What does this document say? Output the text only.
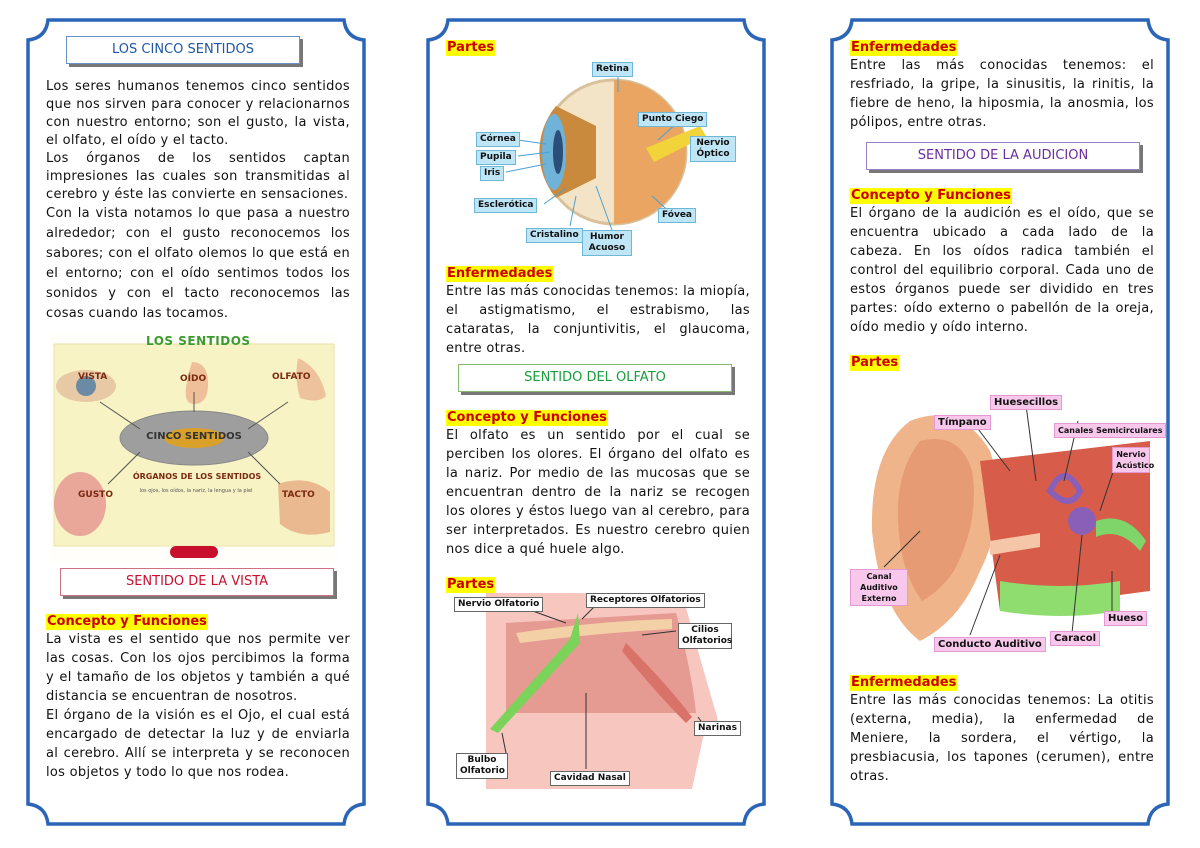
LOS CINCO SENTIDOS

Los seres humanos tenemos cinco sentidos que nos sirven para conocer y relacionarnos con nuestro entorno; son el gusto, la vista, el olfato, el oído y el tacto.

Los órganos de los sentidos captan impresiones las cuales son transmitidas al cerebro y éste las convierte en sensaciones.

Con la vista notamos lo que pasa a nuestro alrededor; con el gusto reconocemos los sabores; con el olfato olemos lo que está en el entorno; con el oído sentimos todos los sonidos y con el tacto reconocemos las cosas cuando las tocamos.

LOS SENTIDOS
VISTA	OÍDO	OLFATO
GUSTO	TACTO
CINCO SENTIDOS
ÓRGANOS DE LOS SENTIDOS
los ojos, los oídos, la nariz, la lengua y la piel
SENTIDO DE LA VISTA
Concepto y Funciones

La vista es el sentido que nos permite ver las cosas. Con los ojos percibimos la forma y el tamaño de los objetos y también a qué distancia se encuentran de nosotros.

El órgano de la visión es el Ojo, el cual está encargado de detectar la luz y de enviarla al cerebro. Allí se interpreta y se reconocen los objetos y todo lo que nos rodea.

Partes
Retina
Punto Ciego
Córnea
Pupila
Iris
Nervio Óptico
Esclerótica
Fóvea
Cristalino	Humor Acuoso
Enfermedades

Entre las más conocidas tenemos: la miopía, el astigmatismo, el estrabismo, las cataratas, la conjuntivitis, el glaucoma, entre otras.

SENTIDO DEL OLFATO
Concepto y Funciones

El olfato es un sentido por el cual se perciben los olores. El órgano del olfato es la nariz. Por medio de las mucosas que se encuentran dentro de la nariz se recogen los olores y éstos luego van al cerebro, para ser interpretados. Es nuestro cerebro quien nos dice a qué huele algo.

Partes
Nervio Olfatorio	Receptores Olfatorios
Cilios Olfatorios
Narinas
Bulbo Olfatorio
Cavidad Nasal
Enfermedades

Entre las más conocidas tenemos: el resfriado, la gripe, la sinusitis, la rinitis, la fiebre de heno, la hiposmia, la anosmia, los pólipos, entre otras.

SENTIDO DE LA AUDICION
Concepto y Funciones

El órgano de la audición es el oído, que se encuentra ubicado a cada lado de la cabeza. En los oídos radica también el control del equilibrio corporal. Cada uno de estos órganos puede ser dividido en tres partes: oído externo o pabellón de la oreja, oído medio y oído interno.

Partes
Huesecillos
Tímpano
Canales Semicirculares
Nervio Acústico
Canal Auditivo Externo
Hueso
Conducto Auditivo
Caracol
Enfermedades

Entre las más conocidas tenemos: La otitis (externa, media), la enfermedad de Meniere, la sordera, el vértigo, la presbiacusia, los tapones (cerumen), entre otras.
